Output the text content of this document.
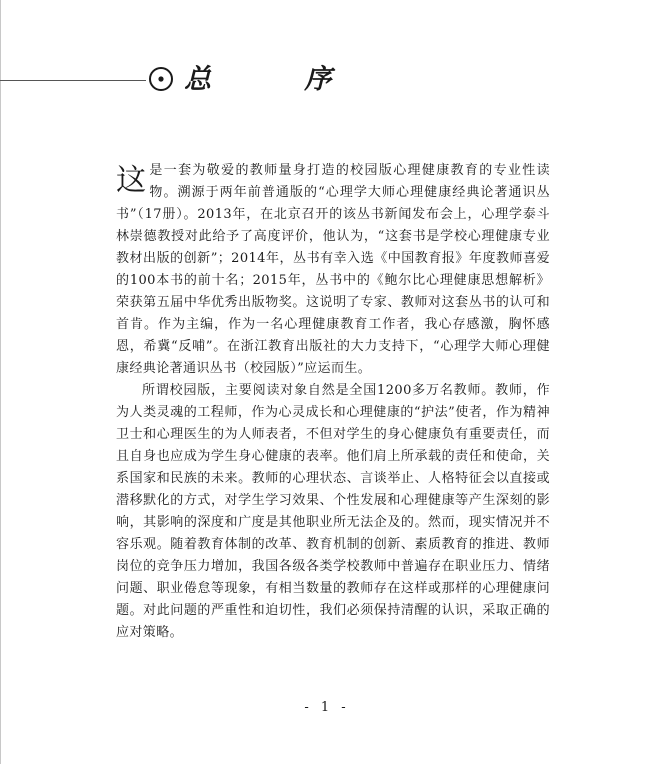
总 序

这是一套为敬爱的教师量身打造的校园版心理健康教育的专业性读物。溯源于两年前普通版的“心理学大师心理健康经典论著通识丛书”（17册）。2013年，在北京召开的该丛书新闻发布会上，心理学泰斗林崇德教授对此给予了高度评价，他认为，“这套书是学校心理健康专业教材出版的创新”；2014年，丛书有幸入选《中国教育报》年度教师喜爱的100本书的前十名；2015年，丛书中的《鲍尔比心理健康思想解析》荣获第五届中华优秀出版物奖。这说明了专家、教师对这套丛书的认可和首肯。作为主编，作为一名心理健康教育工作者，我心存感激，胸怀感恩，希冀“反哺”。在浙江教育出版社的大力支持下，“心理学大师心理健康经典论著通识丛书（校园版）”应运而生。

所谓校园版，主要阅读对象自然是全国1200多万名教师。教师，作为人类灵魂的工程师，作为心灵成长和心理健康的“护法”使者，作为精神卫士和心理医生的为人师表者，不但对学生的身心健康负有重要责任，而且自身也应成为学生身心健康的表率。他们肩上所承载的责任和使命，关系国家和民族的未来。教师的心理状态、言谈举止、人格特征会以直接或潜移默化的方式，对学生学习效果、个性发展和心理健康等产生深刻的影响，其影响的深度和广度是其他职业所无法企及的。然而，现实情况并不容乐观。随着教育体制的改革、教育机制的创新、素质教育的推进、教师岗位的竞争压力增加，我国各级各类学校教师中普遍存在职业压力、情绪问题、职业倦怠等现象，有相当数量的教师存在这样或那样的心理健康问题。对此问题的严重性和迫切性，我们必须保持清醒的认识，采取正确的应对策略。

- 1 -
